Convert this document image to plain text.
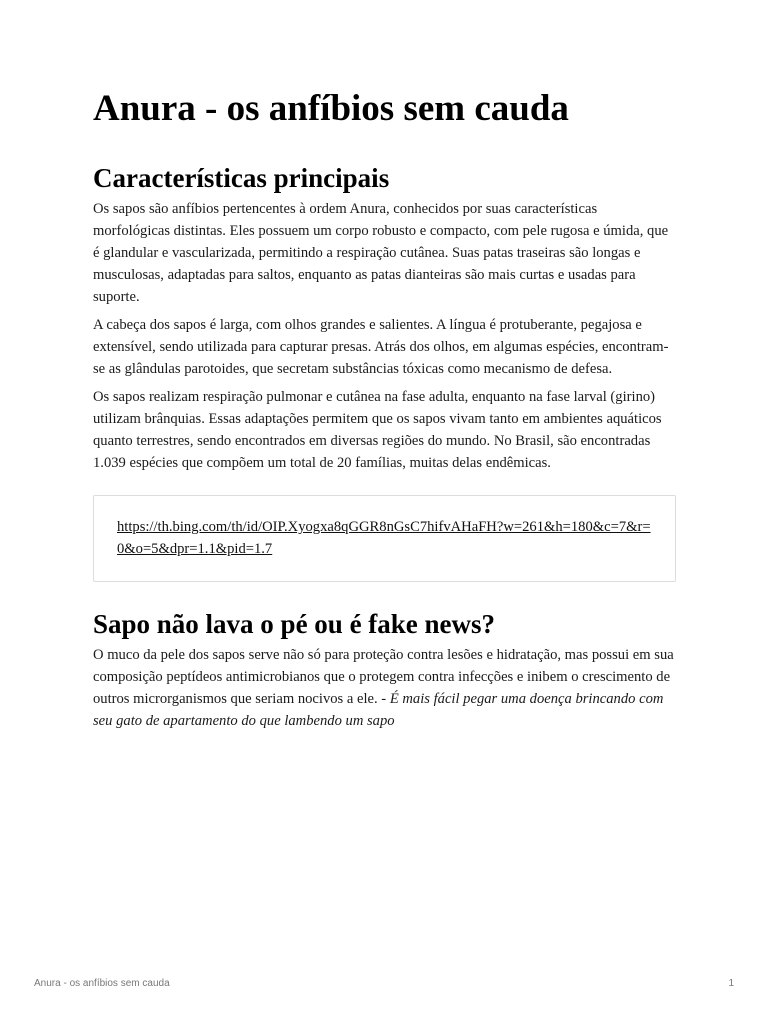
Anura - os anfíbios sem cauda
Características principais

Os sapos são anfíbios pertencentes à ordem Anura, conhecidos por suas características morfológicas distintas. Eles possuem um corpo robusto e compacto, com pele rugosa e úmida, que é glandular e vascularizada, permitindo a respiração cutânea. Suas patas traseiras são longas e musculosas, adaptadas para saltos, enquanto as patas dianteiras são mais curtas e usadas para suporte.

A cabeça dos sapos é larga, com olhos grandes e salientes. A língua é protuberante, pegajosa e extensível, sendo utilizada para capturar presas. Atrás dos olhos, em algumas espécies, encontram-se as glândulas parotoides, que secretam substâncias tóxicas como mecanismo de defesa.

Os sapos realizam respiração pulmonar e cutânea na fase adulta, enquanto na fase larval (girino) utilizam brânquias. Essas adaptações permitem que os sapos vivam tanto em ambientes aquáticos quanto terrestres, sendo encontrados em diversas regiões do mundo. No Brasil, são encontradas 1.039 espécies que compõem um total de 20 famílias, muitas delas endêmicas.

https://th.bing.com/th/id/OIP.Xyogxa8qGGR8nGsC7hifvAHaFH?w=261&h=180&c=7&r=0&o=5&dpr=1.1&pid=1.7
Sapo não lava o pé ou é fake news?

O muco da pele dos sapos serve não só para proteção contra lesões e hidratação, mas possui em sua composição peptídeos antimicrobianos que o protegem contra infecções e inibem o crescimento de outros microrganismos que seriam nocivos a ele. - É mais fácil pegar uma doença brincando com seu gato de apartamento do que lambendo um sapo

Anura - os anfíbios sem cauda	1
